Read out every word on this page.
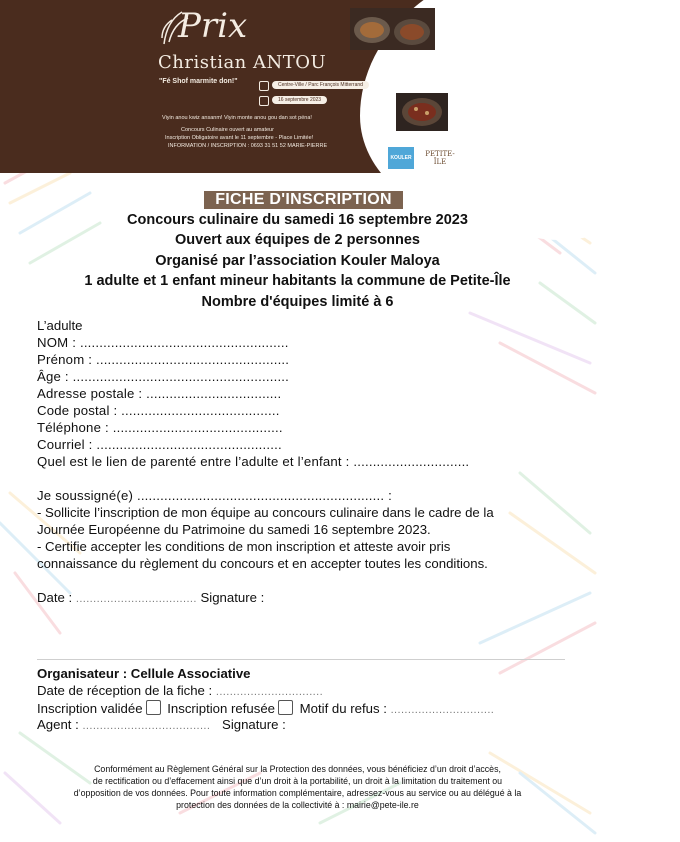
Prix
Christian ANTOU
"Fé Shof marmite don!"	Centre-Ville / Parc François Mitterrand
16 septembre 2023
Viyin anou kwiz ansanm! Viyin monte anou gou dan sot péna!
Concours Culinaire ouvert au amateur
Inscription Obligatoire avant le 11 septembre - Place Limitée!
INFORMATION / INSCRIPTION : 0693 31 51 52 MARIE-PIERRE
KOULER MALOYA
PETITE-ÎLE
FICHE D'INSCRIPTION
Concours culinaire du samedi 16 septembre 2023
Ouvert aux équipes de 2 personnes
Organisé par l’association Kouler Maloya
1 adulte et 1 enfant mineur habitants la commune de Petite-Île
Nombre d'équipes limité à 6
L’adulte
NOM : ......................................................
Prénom : ..................................................
Âge : ........................................................
Adresse postale : ...................................
Code postal : .........................................
Téléphone : ............................................
Courriel : ................................................
Quel est le lien de parenté entre l’adulte et l’enfant : ..............................
Je soussigné(e) ................................................................ :
- Sollicite l’inscription de mon équipe au concours culinaire dans le cadre de la
Journée Européenne du Patrimoine du samedi 16 septembre 2023.
- Certifie accepter les conditions de mon inscription et atteste avoir pris
connaissance du règlement du concours et en accepter toutes les conditions.
Date : ................................... Signature :
Organisateur : Cellule Associative
Date de réception de la fiche : ...............................
Inscription validée Inscription refusée Motif du refus : ..............................
Agent : ..................................... Signature :
Conformément au Règlement Général sur la Protection des données, vous bénéficiez d’un droit d’accès,
de rectification ou d’effacement ainsi que d’un droit à la portabilité, un droit à la limitation du traitement ou
d’opposition de vos données. Pour toute information complémentaire, adressez-vous au service ou au délégué à la
protection des données de la collectivité à : mairie@pete-ile.re
